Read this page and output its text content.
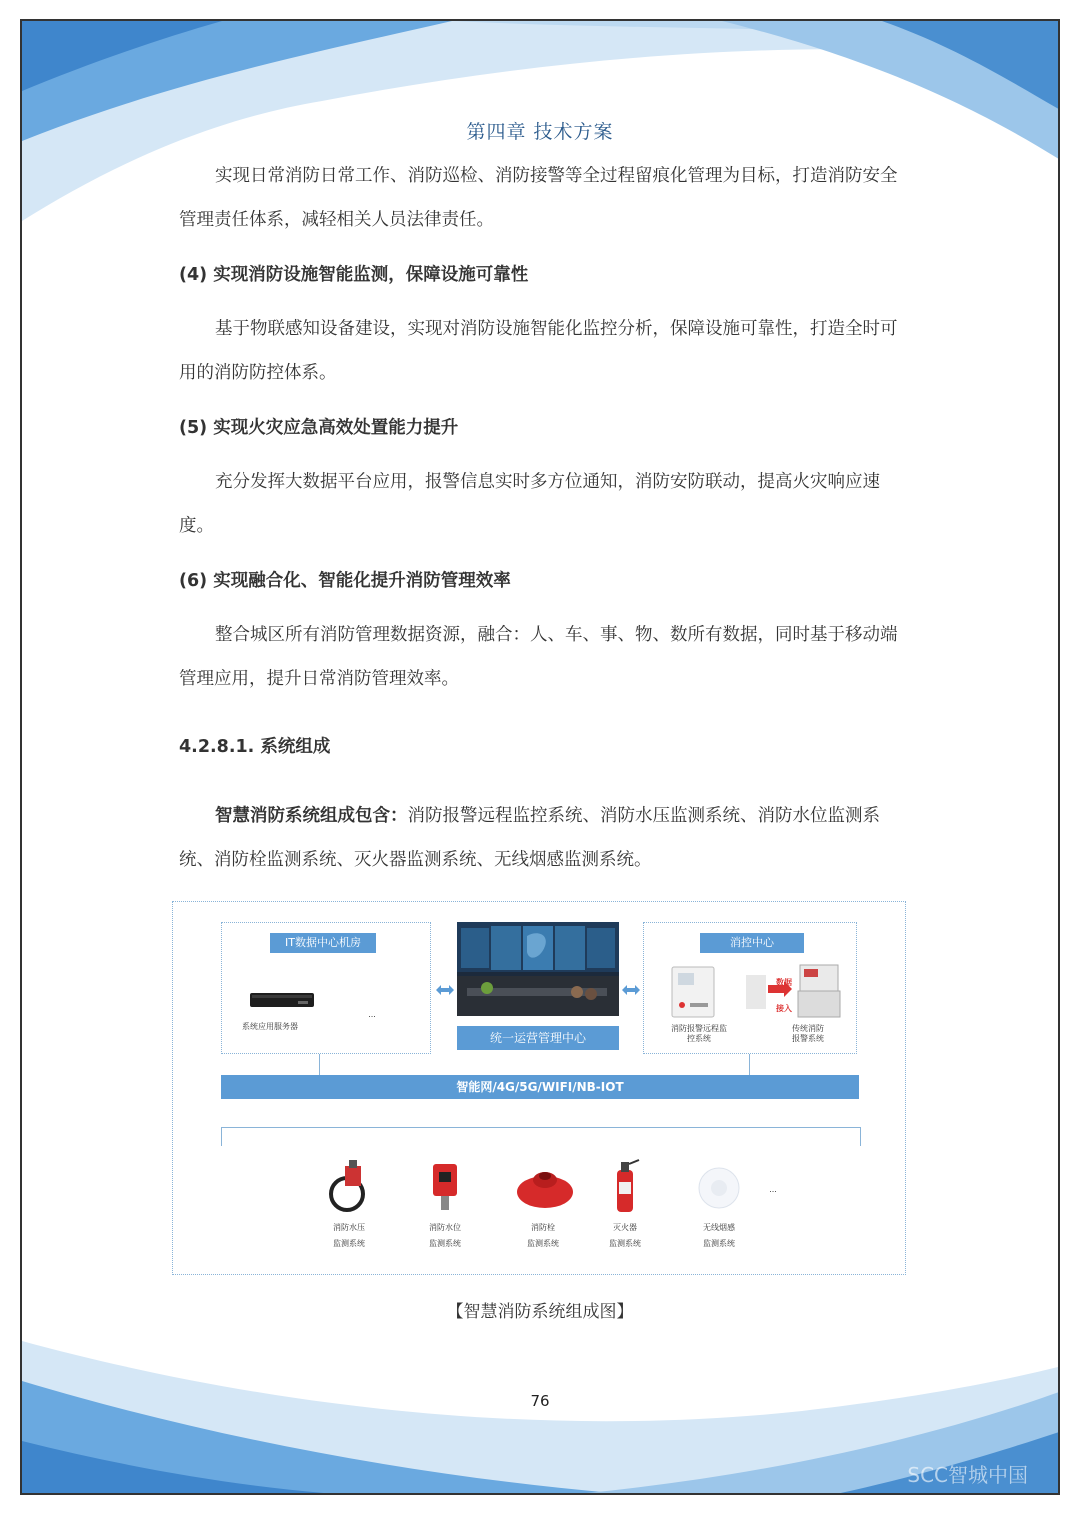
第四章 技术方案
实现日常消防日常工作、消防巡检、消防接警等全过程留痕化管理为目标，打造消防安全管理责任体系，减轻相关人员法律责任。
(4) 实现消防设施智能监测，保障设施可靠性
基于物联感知设备建设，实现对消防设施智能化监控分析，保障设施可靠性，打造全时可用的消防防控体系。
(5) 实现火灾应急高效处置能力提升
充分发挥大数据平台应用，报警信息实时多方位通知，消防安防联动，提高火灾响应速度。
(6) 实现融合化、智能化提升消防管理效率
整合城区所有消防管理数据资源，融合：人、车、事、物、数所有数据，同时基于移动端管理应用，提升日常消防管理效率。
4.2.8.1. 系统组成
智慧消防系统组成包含：消防报警远程监控系统、消防水压监测系统、消防水位监测系统、消防栓监测系统、灭火器监测系统、无线烟感监测系统。
IT数据中心机房
系统应用服务器
...
统一运营管理中心
消控中心
消防报警远程监
控系统
数据
接入
传统消防
报警系统
智能网/4G/5G/WIFI/NB-IOT
...
消防水压
监测系统
消防水位
监测系统
消防栓
监测系统
灭火器
监测系统
无线烟感
监测系统
【智慧消防系统组成图】
76
SCC智城中国
